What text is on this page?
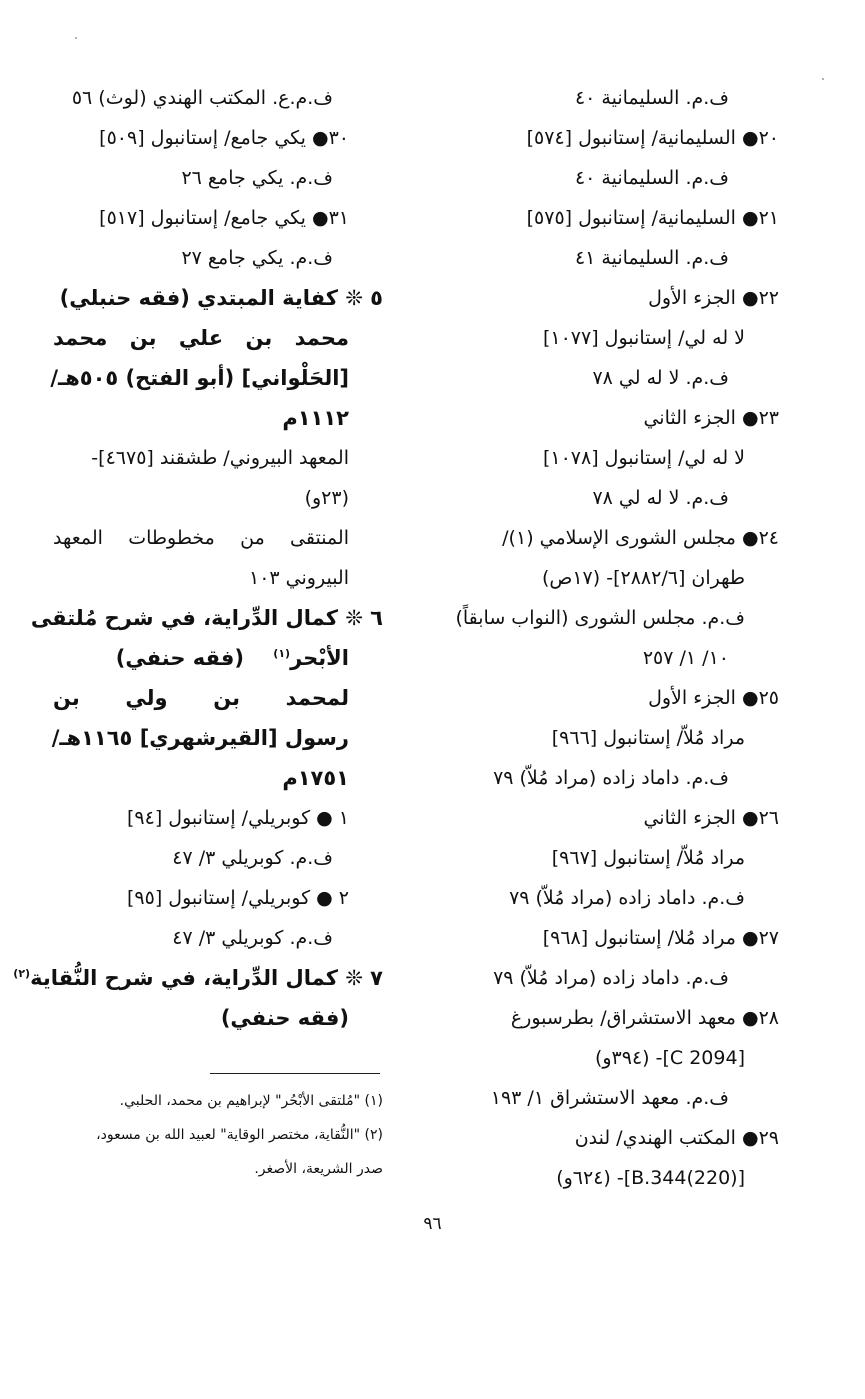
ف.م. السليمانية ٤٠
٢٠● السليمانية/ إستانبول [٥٧٤]
ف.م. السليمانية ٤٠
٢١● السليمانية/ إستانبول [٥٧٥]
ف.م. السليمانية ٤١
٢٢● الجزء الأول
لا له لي/ إستانبول [١٠٧٧]
ف.م. لا له لي ٧٨
٢٣● الجزء الثاني
لا له لي/ إستانبول [١٠٧٨]
ف.م. لا له لي ٧٨
٢٤● مجلس الشورى الإسلامي (١)/
طهران [٢٨٨٢/٦]- (١٧ص)
ف.م. مجلس الشورى (النواب سابقاً)
١٠/ ١/ ٢٥٧
٢٥● الجزء الأول
مراد مُلاّ/ إستانبول [٩٦٦]
ف.م. داماد زاده (مراد مُلاّ) ٧٩
٢٦● الجزء الثاني
مراد مُلاّ/ إستانبول [٩٦٧]
ف.م. داماد زاده (مراد مُلاّ) ٧٩
٢٧● مراد مُلا/ إستانبول [٩٦٨]
ف.م. داماد زاده (مراد مُلاّ) ٧٩
٢٨● معهد الاستشراق/ بطرسبورغ
[C 2094]- (٣٩٤و)
ف.م. معهد الاستشراق ١/ ١٩٣
٢٩● المكتب الهندي/ لندن
[B.344(220)]- (٦٢٤و)
ف.م.ع. المكتب الهندي (لوث) ٥٦
٣٠● يكي جامع/ إستانبول [٥٠٩]
ف.م. يكي جامع ٢٦
٣١● يكي جامع/ إستانبول [٥١٧]
ف.م. يكي جامع ٢٧
٥ ❊ كفاية المبتدي (فقه حنبلي)
محمد بن علي بن محمد
[الحَلْواني] (أبو الفتح) ٥٠٥هـ/
١١١٢م
المعهد البيروني/ طشقند [٤٦٧٥]-
(٢٣و)
المنتقى من مخطوطات المعهد
البيروني ١٠٣
٦ ❊ كمال الدِّراية، في شرح مُلتقى
الأبْحر$^{(١)}$ (فقه حنفي)
لمحمد بن ولي بن
رسول [القيرشهري] ١١٦٥هـ/
١٧٥١م
١ ● كوبريلي/ إستانبول [٩٤]
ف.م. كوبريلي ٣/ ٤٧
٢ ● كوبريلي/ إستانبول [٩٥]
ف.م. كوبريلي ٣/ ٤٧
٧ ❊ كمال الدِّراية، في شرح النُّقاية$^{(٢)}$
(فقه حنفي)
(١) "مُلتقى الأبْحُر" لإبراهيم بن محمد، الحلبي.
(٢) "النُّقاية، مختصر الوقاية" لعبيد الله بن مسعود،
صدر الشريعة، الأصغر.
٩٦
